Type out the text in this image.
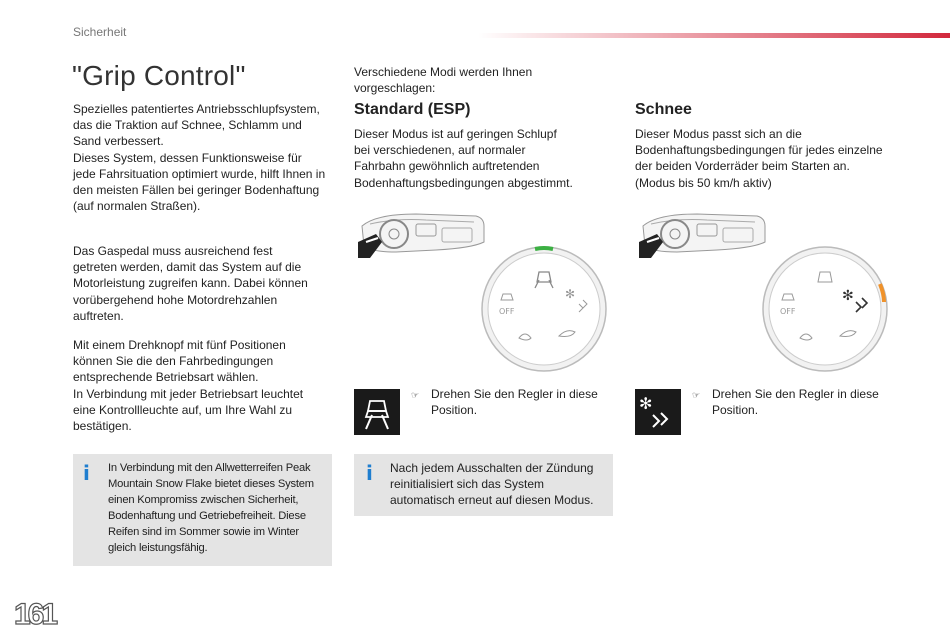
Sicherheit
"Grip Control"

Spezielles patentiertes Antriebsschlupfsystem,
das die Traktion auf Schnee, Schlamm und
Sand verbessert.
Dieses System, dessen Funktionsweise für
jede Fahrsituation optimiert wurde, hilft Ihnen in
den meisten Fällen bei geringer Bodenhaftung
(auf normalen Straßen).

Das Gaspedal muss ausreichend fest
getreten werden, damit das System auf die
Motorleistung zugreifen kann. Dabei können
vorübergehend hohe Motordrehzahlen
auftreten.

Mit einem Drehknopf mit fünf Positionen
können Sie die den Fahrbedingungen
entsprechende Betriebsart wählen.
In Verbindung mit jeder Betriebsart leuchtet
eine Kontrollleuchte auf, um Ihre Wahl zu
bestätigen.

i In Verbindung mit den Allwetterreifen Peak
Mountain Snow Flake bietet dieses System
einen Kompromiss zwischen Sicherheit,
Bodenhaftung und Getriebefreiheit. Diese
Reifen sind im Sommer sowie im Winter
gleich leistungsfähig.

Verschiedene Modi werden Ihnen
vorgeschlagen:

Standard (ESP)

Dieser Modus ist auf geringen Schlupf
bei verschiedenen, auf normaler
Fahrbahn gewöhnlich auftretenden
Bodenhaftungsbedingungen abgestimmt.

OFF
✻
☞ Drehen Sie den Regler in diese
Position.

i Nach jedem Ausschalten der Zündung
reinitialisiert sich das System
automatisch erneut auf diesen Modus.
Schnee

Dieser Modus passt sich an die
Bodenhaftungsbedingungen für jedes einzelne
der beiden Vorderräder beim Starten an.
(Modus bis 50 km/h aktiv)

OFF
✻
✻	☞ Drehen Sie den Regler in diese
Position.

161
